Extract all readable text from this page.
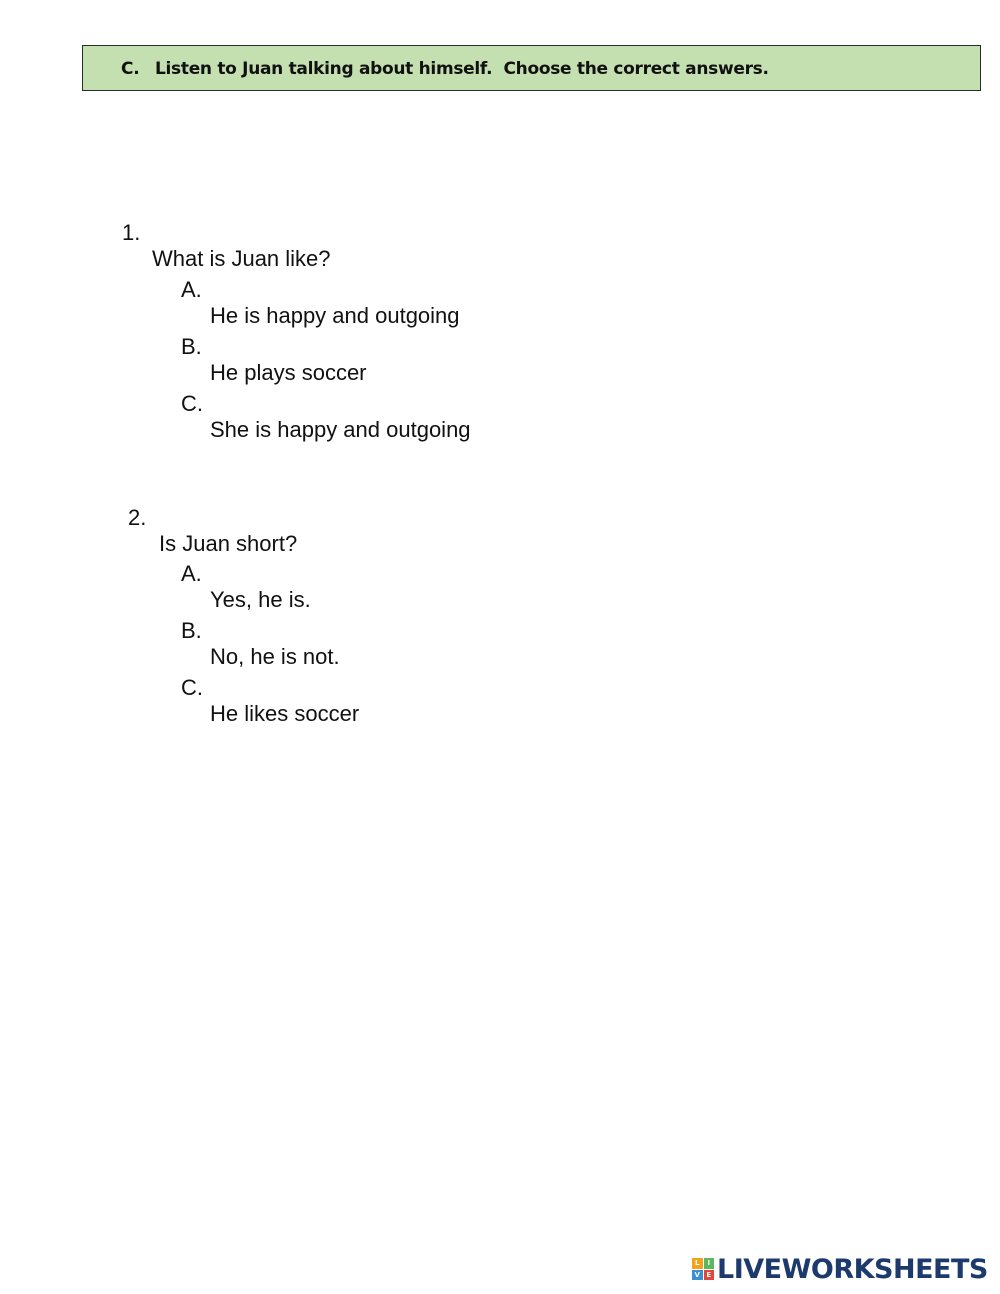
C. Listen to Juan talking about himself.  Choose the correct answers.

1.

What is Juan like?

A.

He is happy and outgoing

B.

He plays soccer

C.

She is happy and outgoing

2.

Is Juan short?

A.

Yes, he is.

B.

No, he is not.

C.

He likes soccer

L	I
V E LIVEWORKSHEETS
